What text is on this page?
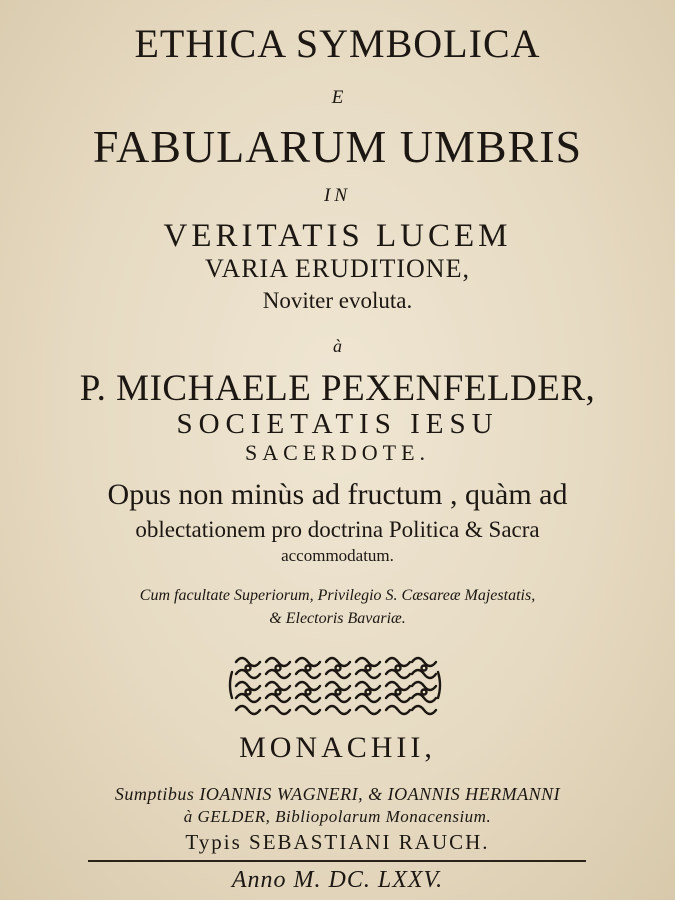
ETHICA SYMBOLICA
E
FABULARUM UMBRIS
IN
VERITATIS LUCEM
VARIA ERUDITIONE,
Noviter evoluta.
à
P. MICHAELE PEXENFELDER,
SOCIETATIS IESU
SACERDOTE.
Opus non minùs ad fructum , quàm ad
oblectationem pro doctrina Politica & Sacra
accommodatum.
Cum facultate Superiorum, Privilegio S. Cæsareæ Majestatis,
& Electoris Bavariæ.
MONACHII,
Sumptibus IOANNIS WAGNERI, & IOANNIS HERMANNI
à GELDER, Bibliopolarum Monacensium.
Typis SEBASTIANI RAUCH.
Anno M. DC. LXXV.
